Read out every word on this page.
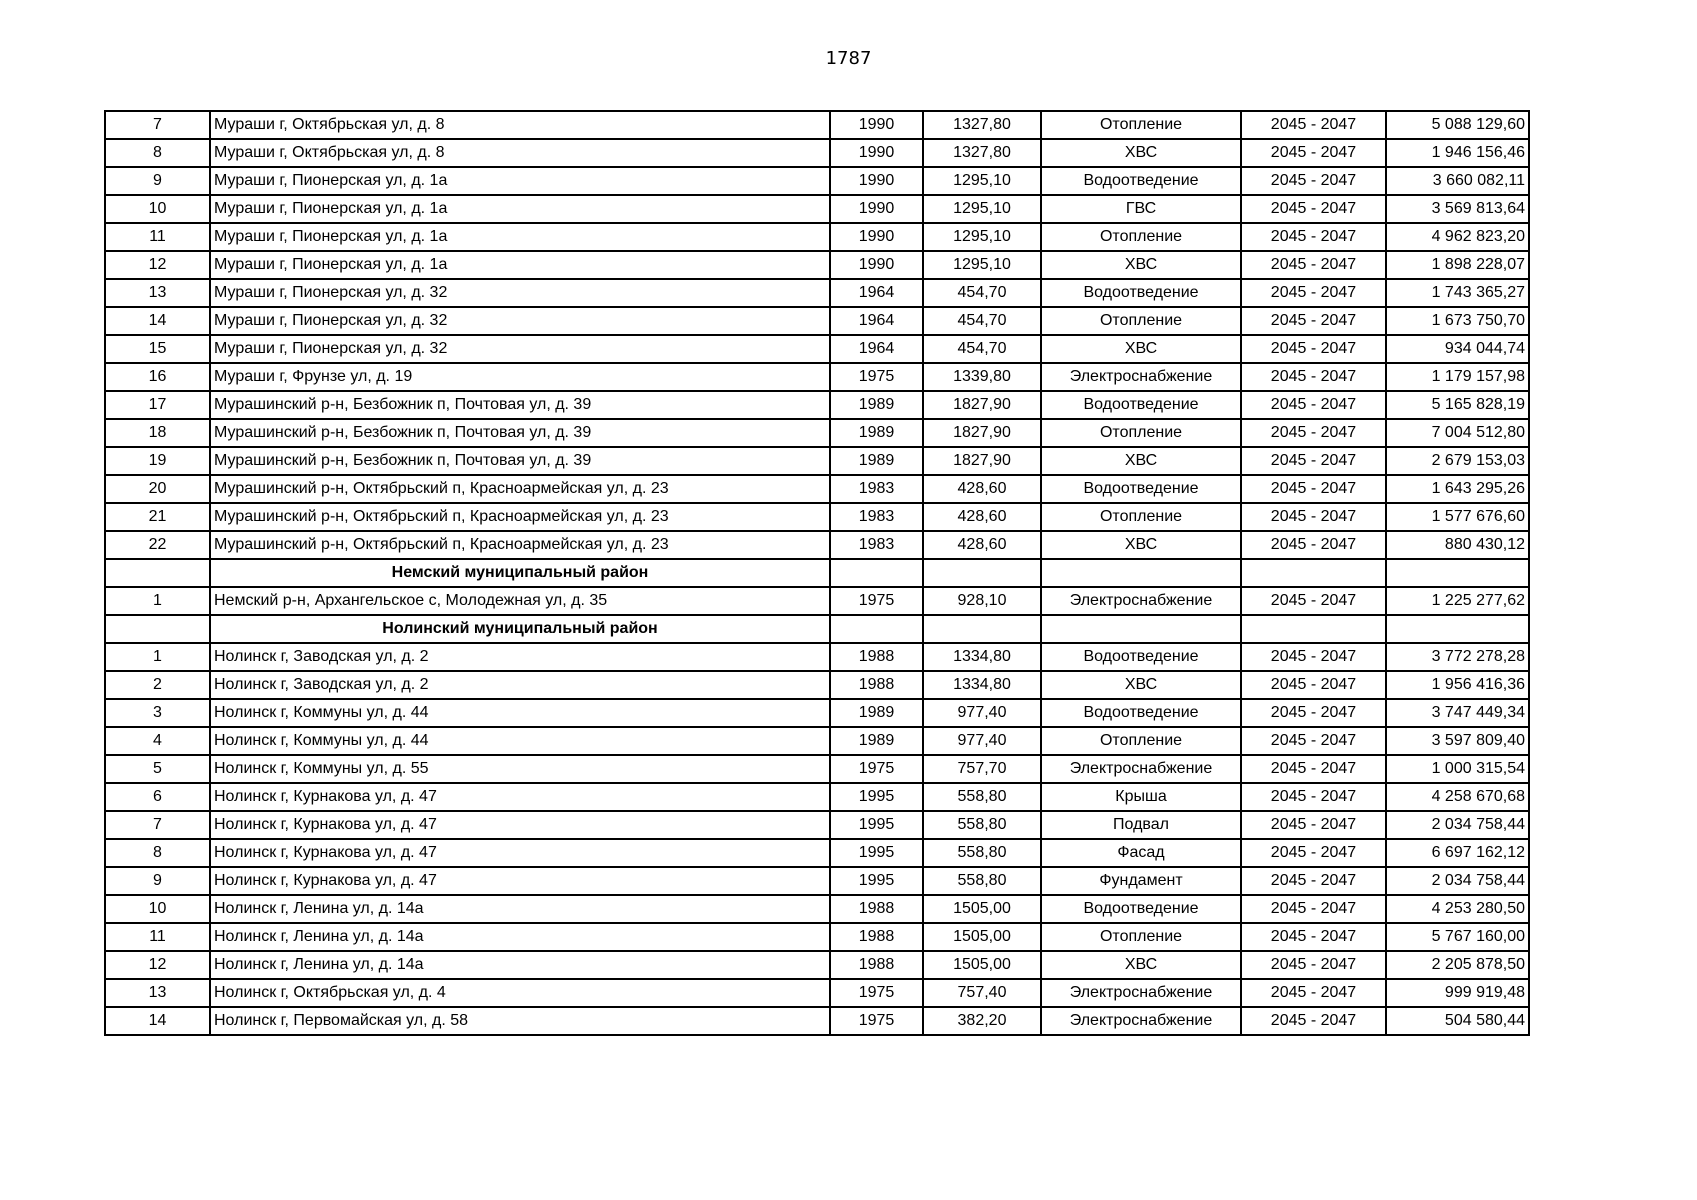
1787
7	Мураши г, Октябрьская ул, д. 8	1990	1327,80	Отопление	2045 - 2047	5 088 129,60
8	Мураши г, Октябрьская ул, д. 8	1990	1327,80	ХВС	2045 - 2047	1 946 156,46
9	Мураши г, Пионерская ул, д. 1а	1990	1295,10	Водоотведение	2045 - 2047	3 660 082,11
10	Мураши г, Пионерская ул, д. 1а	1990	1295,10	ГВС	2045 - 2047	3 569 813,64
11	Мураши г, Пионерская ул, д. 1а	1990	1295,10	Отопление	2045 - 2047	4 962 823,20
12	Мураши г, Пионерская ул, д. 1а	1990	1295,10	ХВС	2045 - 2047	1 898 228,07
13	Мураши г, Пионерская ул, д. 32	1964	454,70	Водоотведение	2045 - 2047	1 743 365,27
14	Мураши г, Пионерская ул, д. 32	1964	454,70	Отопление	2045 - 2047	1 673 750,70
15	Мураши г, Пионерская ул, д. 32	1964	454,70	ХВС	2045 - 2047	934 044,74
16	Мураши г, Фрунзе ул, д. 19	1975	1339,80	Электроснабжение	2045 - 2047	1 179 157,98
17	Мурашинский р-н, Безбожник п, Почтовая ул, д. 39	1989	1827,90	Водоотведение	2045 - 2047	5 165 828,19
18	Мурашинский р-н, Безбожник п, Почтовая ул, д. 39	1989	1827,90	Отопление	2045 - 2047	7 004 512,80
19	Мурашинский р-н, Безбожник п, Почтовая ул, д. 39	1989	1827,90	ХВС	2045 - 2047	2 679 153,03
20	Мурашинский р-н, Октябрьский п, Красноармейская ул, д. 23	1983	428,60	Водоотведение	2045 - 2047	1 643 295,26
21	Мурашинский р-н, Октябрьский п, Красноармейская ул, д. 23	1983	428,60	Отопление	2045 - 2047	1 577 676,60
22	Мурашинский р-н, Октябрьский п, Красноармейская ул, д. 23	1983	428,60	ХВС	2045 - 2047	880 430,12
	Немский муниципальный район					
1	Немский р-н, Архангельское с, Молодежная ул, д. 35	1975	928,10	Электроснабжение	2045 - 2047	1 225 277,62
	Нолинский муниципальный район					
1	Нолинск г, Заводская ул, д. 2	1988	1334,80	Водоотведение	2045 - 2047	3 772 278,28
2	Нолинск г, Заводская ул, д. 2	1988	1334,80	ХВС	2045 - 2047	1 956 416,36
3	Нолинск г, Коммуны ул, д. 44	1989	977,40	Водоотведение	2045 - 2047	3 747 449,34
4	Нолинск г, Коммуны ул, д. 44	1989	977,40	Отопление	2045 - 2047	3 597 809,40
5	Нолинск г, Коммуны ул, д. 55	1975	757,70	Электроснабжение	2045 - 2047	1 000 315,54
6	Нолинск г, Курнакова ул, д. 47	1995	558,80	Крыша	2045 - 2047	4 258 670,68
7	Нолинск г, Курнакова ул, д. 47	1995	558,80	Подвал	2045 - 2047	2 034 758,44
8	Нолинск г, Курнакова ул, д. 47	1995	558,80	Фасад	2045 - 2047	6 697 162,12
9	Нолинск г, Курнакова ул, д. 47	1995	558,80	Фундамент	2045 - 2047	2 034 758,44
10	Нолинск г, Ленина ул, д. 14а	1988	1505,00	Водоотведение	2045 - 2047	4 253 280,50
11	Нолинск г, Ленина ул, д. 14а	1988	1505,00	Отопление	2045 - 2047	5 767 160,00
12	Нолинск г, Ленина ул, д. 14а	1988	1505,00	ХВС	2045 - 2047	2 205 878,50
13	Нолинск г, Октябрьская ул, д. 4	1975	757,40	Электроснабжение	2045 - 2047	999 919,48
14	Нолинск г, Первомайская ул, д. 58	1975	382,20	Электроснабжение	2045 - 2047	504 580,44
